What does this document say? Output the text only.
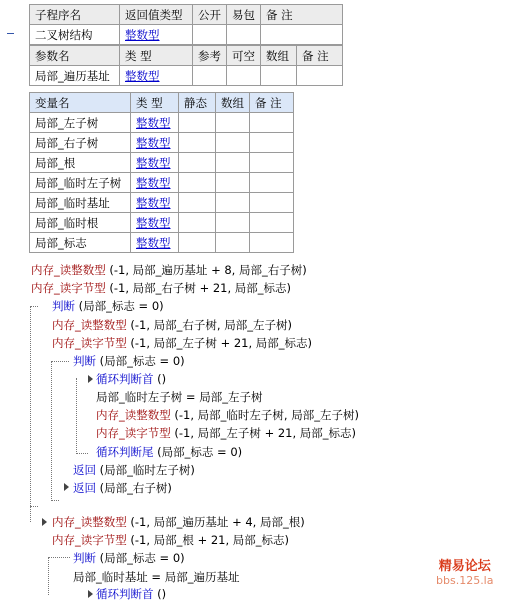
子程序名	返回值类型	公开	易包	备 注
二叉树结构	整数型			
参数名	类 型	参考	可空	数组	备 注
局部_遍历基址	整数型				
变量名	类 型	静态	数组	备 注
局部_左子树	整数型			
局部_右子树	整数型			
局部_根	整数型			
局部_临时左子树	整数型			
局部_临时基址	整数型			
局部_临时根	整数型			
局部_标志	整数型			
内存_读整数型 (-1, 局部_遍历基址 + 8, 局部_右子树)
内存_读字节型 (-1, 局部_右子树 + 21, 局部_标志)
判断 (局部_标志 = 0)
内存_读整数型 (-1, 局部_右子树, 局部_左子树)
内存_读字节型 (-1, 局部_左子树 + 21, 局部_标志)
判断 (局部_标志 = 0)
循环判断首 ()
局部_临时左子树 = 局部_左子树
内存_读整数型 (-1, 局部_临时左子树, 局部_左子树)
内存_读字节型 (-1, 局部_左子树 + 21, 局部_标志)
循环判断尾 (局部_标志 = 0)
返回 (局部_临时左子树)
返回 (局部_右子树)
内存_读整数型 (-1, 局部_遍历基址 + 4, 局部_根)
内存_读字节型 (-1, 局部_根 + 21, 局部_标志)
判断 (局部_标志 = 0)
局部_临时基址 = 局部_遍历基址
循环判断首 ()
精易论坛
bbs.125.la
